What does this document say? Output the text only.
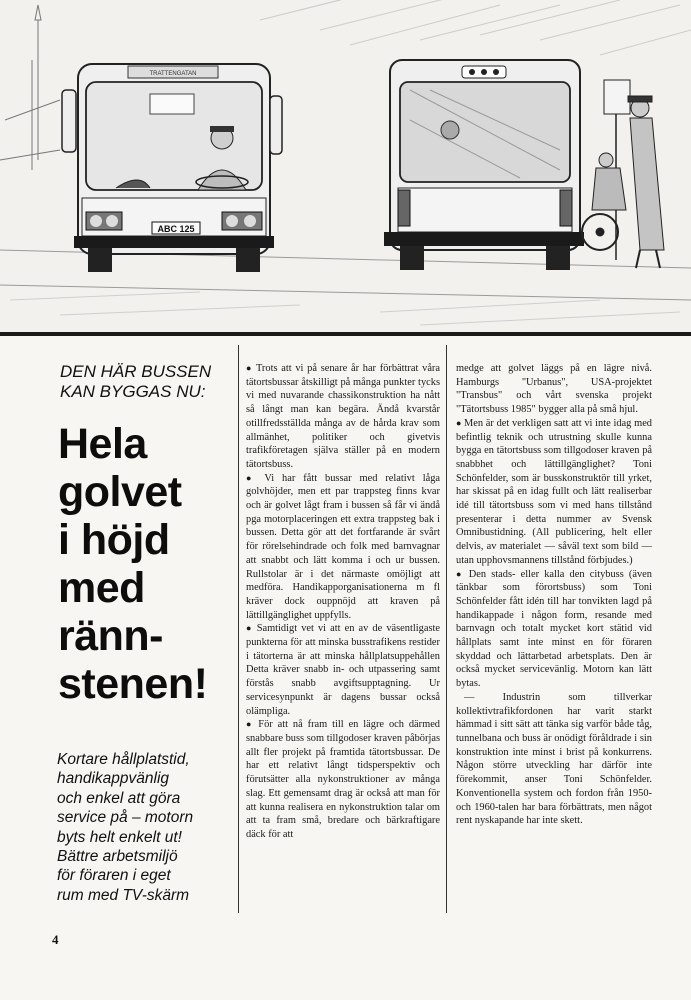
ABC 125
TRATTENGATAN
DEN HÄR BUSSEN
KAN BYGGAS NU:
Hela
golvet
i höjd
med
ränn-
stenen!
Kortare hållplatstid,
handikappvänlig
och enkel att göra
service på – motorn
byts helt enkelt ut!
Bättre arbetsmiljö
för föraren i eget
rum med TV-skärm

● Trots att vi på senare år har förbättrat våra tätortsbussar åtskilligt på många punkter tycks vi med nuvarande chassikonstruktion ha nått så långt man kan begära. Ändå kvarstår otillfredsställda många av de hårda krav som allmänhet, politiker och givetvis trafikföretagen själva ställer på en modern tätortsbuss.

● Vi har fått bussar med relativt låga golvhöjder, men ett par trappsteg finns kvar och är golvet lågt fram i bussen så får vi ändå pga motorplaceringen ett extra trappsteg bak i bussen. Detta gör att det fortfarande är svårt för rörelsehindrade och folk med barnvagnar att snabbt och lätt komma i och ur bussen. Rullstolar är i det närmaste omöjligt att medföra. Handikapporganisationerna m fl kräver dock ouppnöjd att kraven på lättillgänglighet uppfylls.

● Samtidigt vet vi att en av de väsentligaste punkterna för att minska busstrafikens restider i tätorterna är att minska hållplatsuppehållen Detta kräver snabb in- och utpassering samt förstås snabb avgiftsupptagning. Ur servicesynpunkt är dagens bussar också olämpliga.

● För att nå fram till en lägre och därmed snabbare buss som tillgodoser kraven påbörjas allt fler projekt på framtida tätortsbussar. De har ett relativt långt tidsperspektiv och förutsätter alla nykonstruktioner av många slag. Ett gemensamt drag är också att man för att kunna realisera en nykonstruktion talar om att ta fram små, bredare och bärkraftigare däck för att

medge att golvet läggs på en lägre nivå. Hamburgs "Urbanus", USA-projektet "Transbus" och vårt svenska projekt "Tätortsbuss 1985" bygger alla på små hjul.

● Men är det verkligen satt att vi inte idag med befintlig teknik och utrustning skulle kunna bygga en tätortsbuss som tillgodoser kraven på snabbhet och lättillgänglighet? Toni Schönfelder, som är busskonstruktör till yrket, har skissat på en idag fullt och lätt realiserbar idé till tätortsbuss som vi med hans tillstånd presenterar i detta nummer av Svensk Omnibustidning. (All publicering, helt eller delvis, av materialet — såväl text som bild — utan upphovsmannens tillstånd förbjudes.)

● Den stads- eller kalla den citybuss (även tänkbar som förortsbuss) som Toni Schönfelder fått idén till har tonvikten lagd på handikappade i någon form, resande med barnvagn och totalt mycket kort stätid vid hållplats samt inte minst en för föraren skyddad och lättarbetad arbetsplats. Den är också mycket servicevänlig. Motorn kan lätt bytas.

— Industrin som tillverkar kollektivtrafikfordonen har varit starkt hämmad i sitt sätt att tänka sig varför både tåg, tunnelbana och buss är onödigt föråldrade i sin konstruktion inte minst i brist på konkurrens. Någon större utveckling har därför inte förekommit, anser Toni Schönfelder. Konventionella system och fordon från 1950- och 1960-talen har bara förbättrats, men något rent nyskapande har inte skett.

4
